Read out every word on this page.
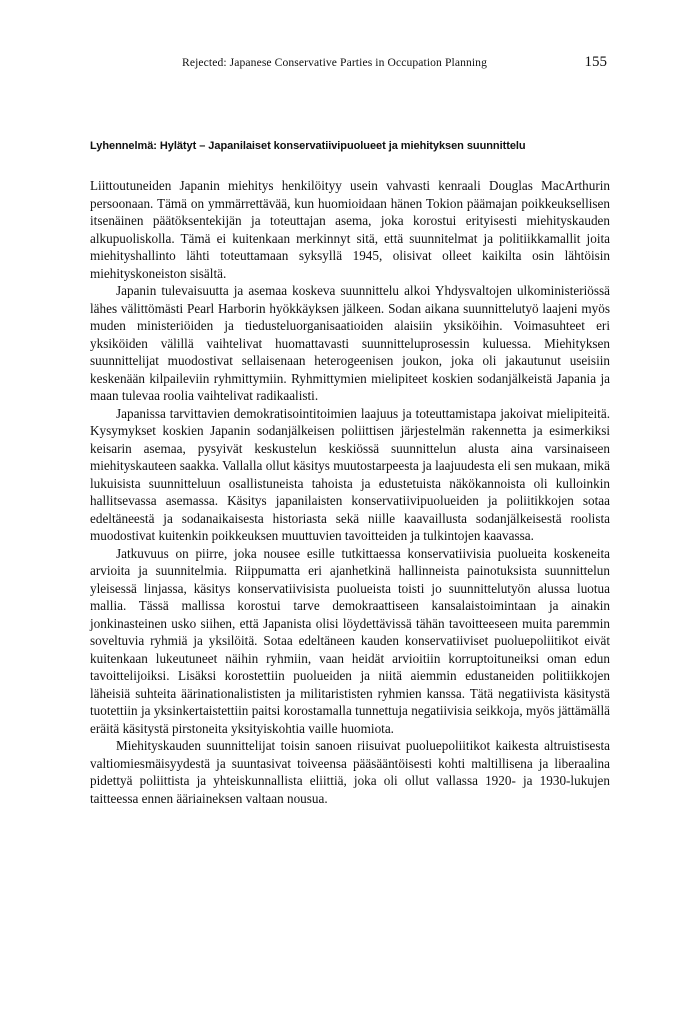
Rejected: Japanese Conservative Parties in Occupation Planning	155
Lyhennelmä: Hylätyt – Japanilaiset konservatiivipuolueet ja miehityksen suunnittelu

Liittoutuneiden Japanin miehitys henkilöityy usein vahvasti kenraali Douglas MacArthurin persoonaan. Tämä on ymmärrettävää, kun huomioidaan hänen Tokion päämajan poikkeuksellisen itsenäinen päätöksentekijän ja toteuttajan asema, joka korostui erityisesti miehityskauden alkupuoliskolla. Tämä ei kuitenkaan merkinnyt sitä, että suunnitelmat ja politiikkamallit joita miehityshallinto lähti toteuttamaan syksyllä 1945, olisivat olleet kaikilta osin lähtöisin miehityskoneiston sisältä.

Japanin tulevaisuutta ja asemaa koskeva suunnittelu alkoi Yhdysvaltojen ulkoministeriössä lähes välittömästi Pearl Harborin hyökkäyksen jälkeen. Sodan aikana suunnittelutyö laajeni myös muden ministeriöiden ja tiedusteluorganisaatioiden alaisiin yksiköihin. Voimasuhteet eri yksiköiden välillä vaihtelivat huomattavasti suunnitteluprosessin kuluessa. Miehityksen suunnittelijat muodostivat sellaisenaan heterogeenisen joukon, joka oli jakautunut useisiin keskenään kilpaileviin ryhmittymiin. Ryhmittymien mielipiteet koskien sodanjälkeistä Japania ja maan tulevaa roolia vaihtelivat radikaalisti.

Japanissa tarvittavien demokratisointitoimien laajuus ja toteuttamistapa jakoivat mielipiteitä. Kysymykset koskien Japanin sodanjälkeisen poliittisen järjestelmän rakennetta ja esimerkiksi keisarin asemaa, pysyivät keskustelun keskiössä suunnittelun alusta aina varsinaiseen miehityskauteen saakka. Vallalla ollut käsitys muutostarpeesta ja laajuudesta eli sen mukaan, mikä lukuisista suunnitteluun osallistuneista tahoista ja edustetuista näkökannoista oli kulloinkin hallitsevassa asemassa. Käsitys japanilaisten konservatiivipuolueiden ja poliitikkojen sotaa edeltäneestä ja sodanaikaisesta historiasta sekä niille kaavaillusta sodanjälkeisestä roolista muodostivat kuitenkin poikkeuksen muuttuvien tavoitteiden ja tulkintojen kaavassa.

Jatkuvuus on piirre, joka nousee esille tutkittaessa konservatiivisia puolueita koskeneita arvioita ja suunnitelmia. Riippumatta eri ajanhetkinä hallinneista painotuksista suunnittelun yleisessä linjassa, käsitys konservatiivisista puolueista toisti jo suunnittelutyön alussa luotua mallia. Tässä mallissa korostui tarve demokraattiseen kansalaistoimintaan ja ainakin jonkinasteinen usko siihen, että Japanista olisi löydettävissä tähän tavoitteeseen muita paremmin soveltuvia ryhmiä ja yksilöitä. Sotaa edeltäneen kauden konservatiiviset puoluepoliitikot eivät kuitenkaan lukeutuneet näihin ryhmiin, vaan heidät arvioitiin korruptoituneiksi oman edun tavoittelijoiksi. Lisäksi korostettiin puolueiden ja niitä aiemmin edustaneiden politiikkojen läheisiä suhteita äärinationalististen ja militarististen ryhmien kanssa. Tätä negatiivista käsitystä tuotettiin ja yksinkertaistettiin paitsi korostamalla tunnettuja negatiivisia seikkoja, myös jättämällä eräitä käsitystä pirstoneita yksityiskohtia vaille huomiota.

Miehityskauden suunnittelijat toisin sanoen riisuivat puoluepoliitikot kaikesta altruistisesta valtiomiesmäisyydestä ja suuntasivat toiveensa pääsääntöisesti kohti maltillisena ja liberaalina pidettyä poliittista ja yhteiskunnallista eliittiä, joka oli ollut vallassa 1920- ja 1930-lukujen taitteessa ennen ääriaineksen valtaan nousua.
